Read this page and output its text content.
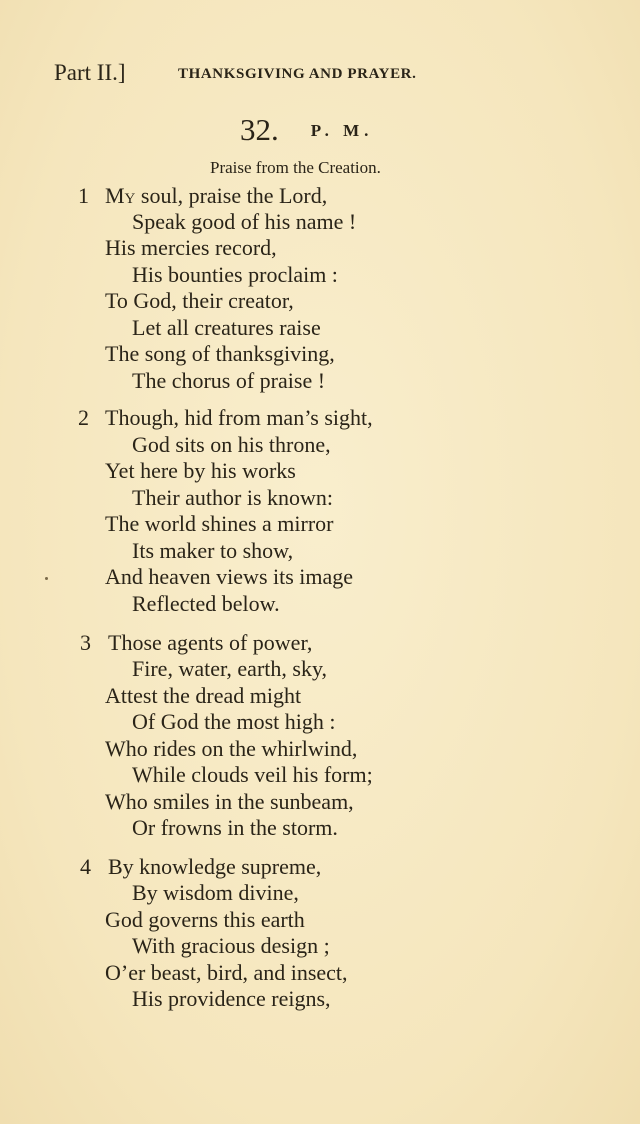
Part II.]	THANKSGIVING AND PRAYER.
32. P. M.
Praise from the Creation.
1 My soul, praise the Lord,
Speak good of his name !
His mercies record,
His bounties proclaim :
To God, their creator,
Let all creatures raise
The song of thanksgiving,
The chorus of praise !
2 Though, hid from man’s sight,
God sits on his throne,
Yet here by his works
Their author is known:
The world shines a mirror
Its maker to show,
And heaven views its image
Reflected below.
3 Those agents of power,
Fire, water, earth, sky,
Attest the dread might
Of God the most high :
Who rides on the whirlwind,
While clouds veil his form;
Who smiles in the sunbeam,
Or frowns in the storm.
4 By knowledge supreme,
By wisdom divine,
God governs this earth
With gracious design ;
O’er beast, bird, and insect,
His providence reigns,
